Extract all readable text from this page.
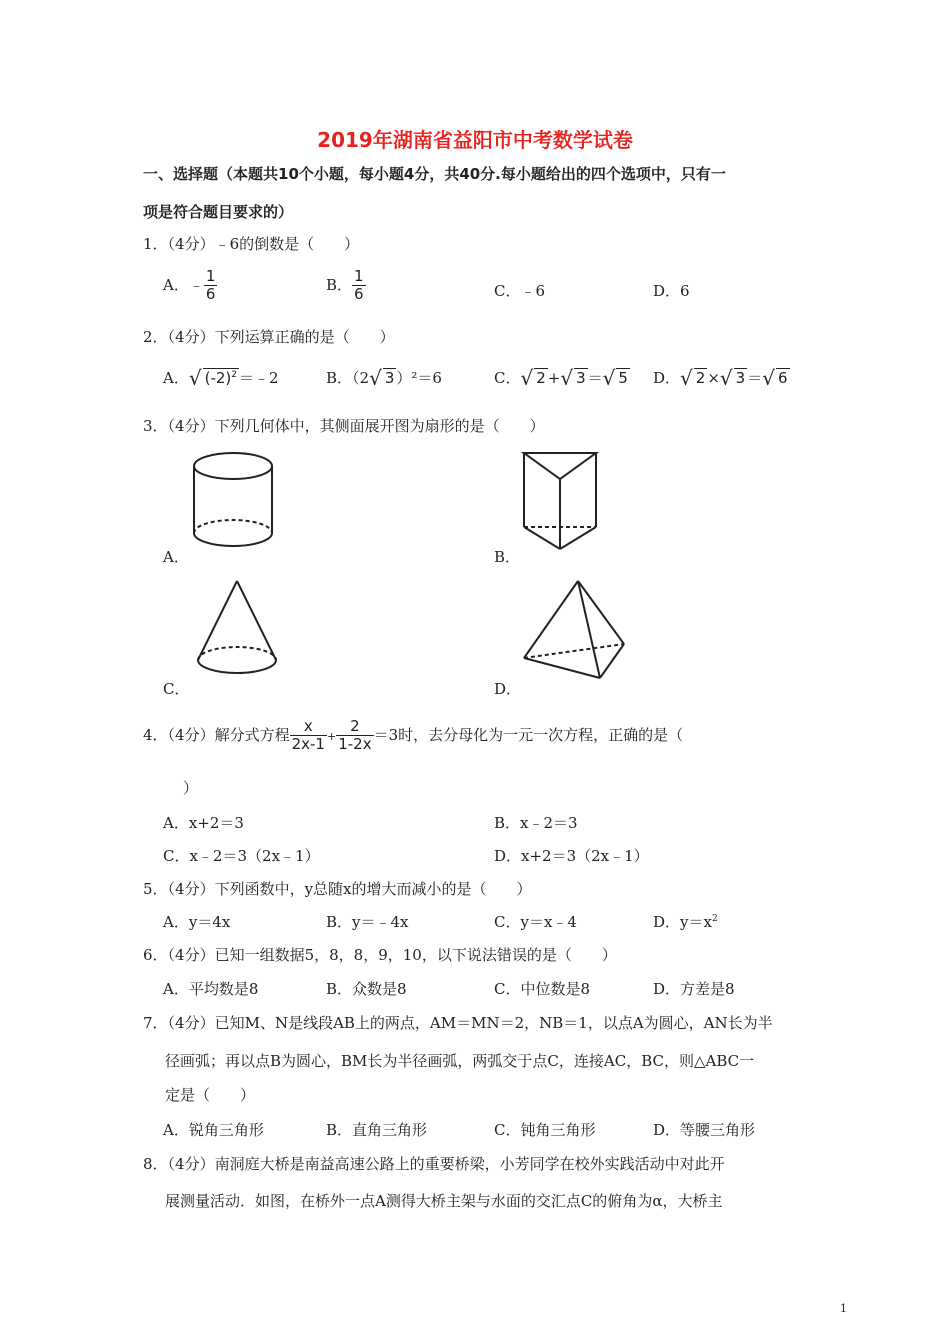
2019年湖南省益阳市中考数学试卷
一、选择题（本题共10个小题，每小题4分，共40分.每小题给出的四个选项中，只有一
项是符合题目要求的）
1．（4分）﹣6的倒数是（　　）
A．﹣ $\frac{1}{6}$	B． $\frac{1}{6}$	C．﹣6	D．6
2．（4分）下列运算正确的是（　　）
A．√ $(-2)^2$ ＝﹣2	B．（2√ 3 ）²＝6	C．√ 2 +√ 3 ＝√ 5 D．√ 2 ×√ 3 ＝√ 6
3．（4分）下列几何体中，其侧面展开图为扇形的是（　　）
A．	B．
C．	D．
4．（4分）解分式方程 $\frac{x}{2x-1} + \frac{2}{1-2x} =3$时，去分母化为一元一次方程，正确的是（
）
A．x+2＝3	B．x﹣2＝3
C．x﹣2＝3（2x﹣1）	D．x+2＝3（2x﹣1）
5．（4分）下列函数中，y总随x的增大而减小的是（　　）
A．y＝4x	B．y＝﹣4x	C．y＝x﹣4	D．$y=x^2$
6．（4分）已知一组数据5，8，8，9，10，以下说法错误的是（　　）
A．平均数是8	B．众数是8	C．中位数是8	D．方差是8
7．（4分）已知M、N是线段AB上的两点，AM＝MN＝2，NB＝1，以点A为圆心，AN长为半
径画弧；再以点B为圆心，BM长为半径画弧，两弧交于点C，连接AC，BC，则△ABC一
定是（　　）
A．锐角三角形	B．直角三角形	C．钝角三角形	D．等腰三角形
8．（4分）南洞庭大桥是南益高速公路上的重要桥梁，小芳同学在校外实践活动中对此开
展测量活动．如图，在桥外一点A测得大桥主架与水面的交汇点C的俯角为α，大桥主
1
